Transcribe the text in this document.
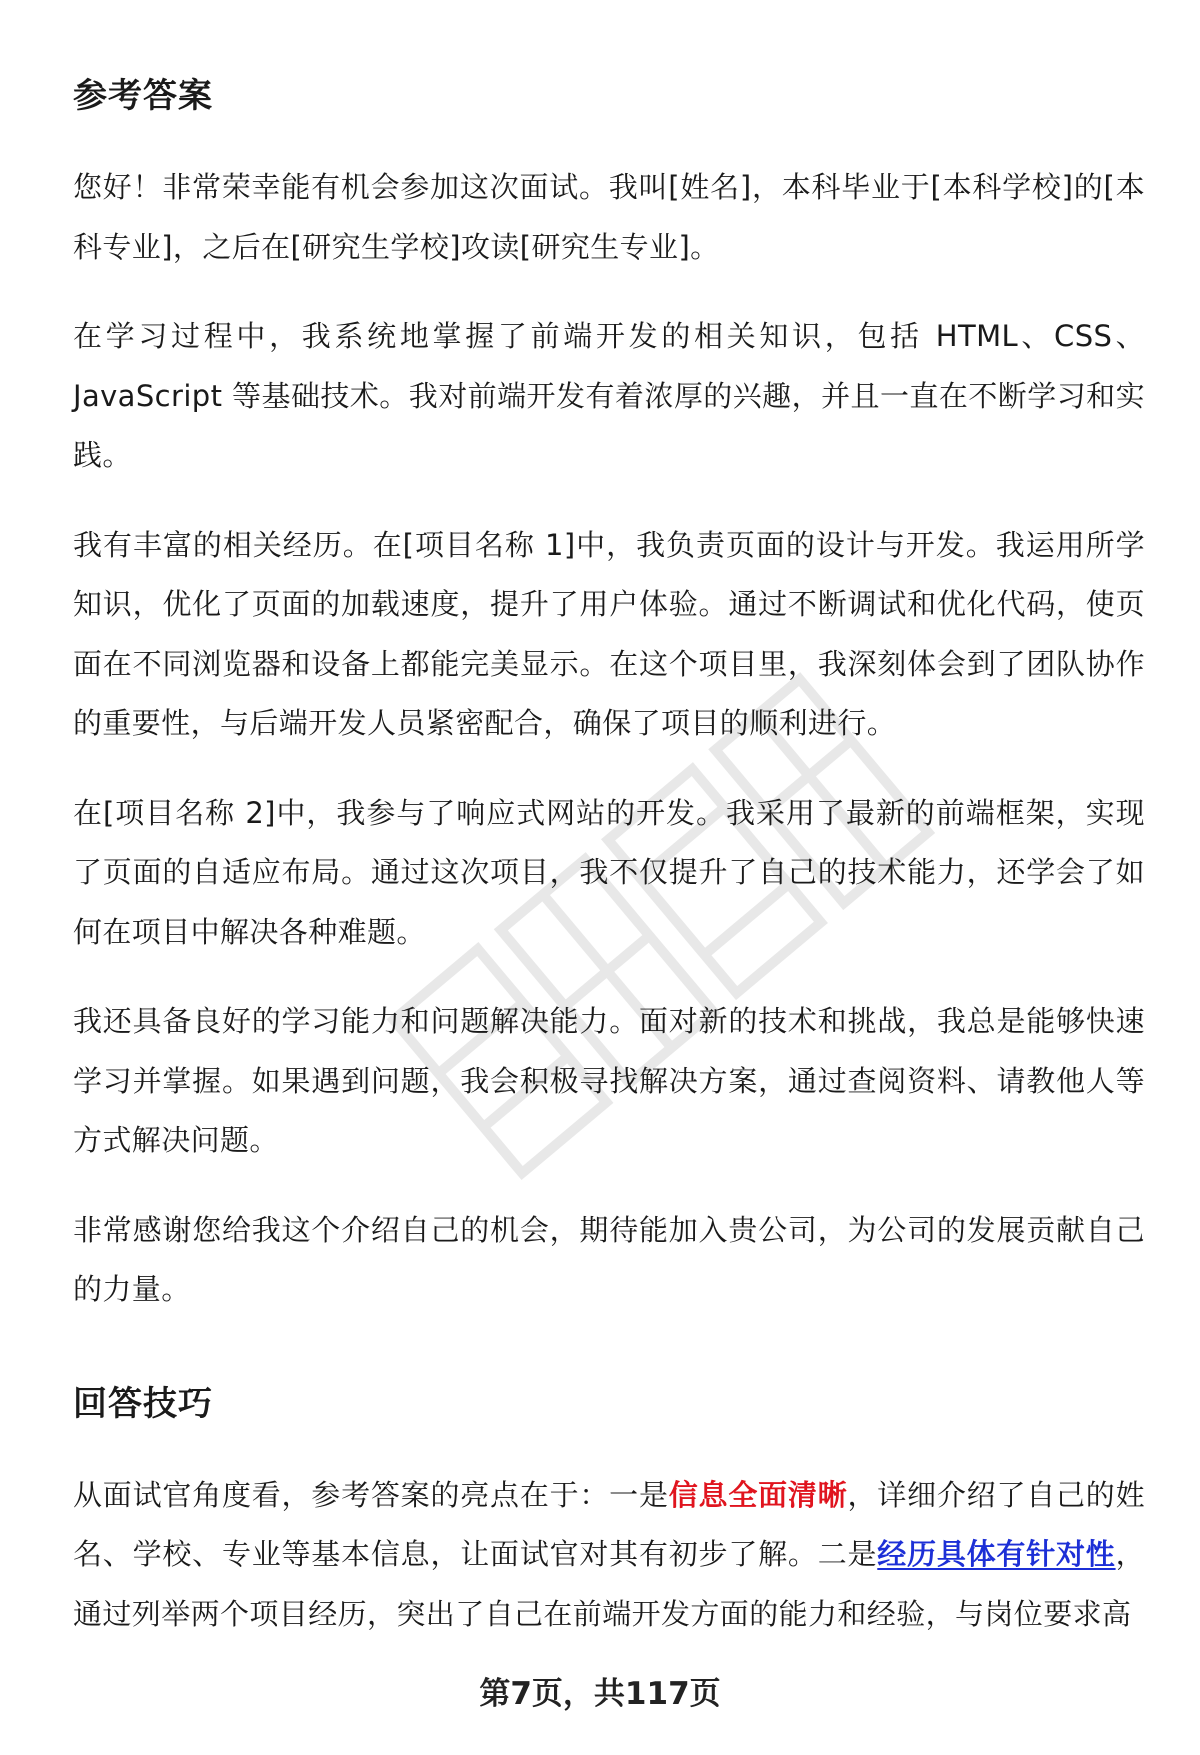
参考答案

您好！非常荣幸能有机会参加这次面试。我叫[姓名]，本科毕业于[本科学校]的[本科专业]，之后在[研究生学校]攻读[研究生专业]。

在学习过程中，我系统地掌握了前端开发的相关知识，包括 HTML、CSS、JavaScript 等基础技术。我对前端开发有着浓厚的兴趣，并且一直在不断学习和实践。

我有丰富的相关经历。在[项目名称 1]中，我负责页面的设计与开发。我运用所学知识，优化了页面的加载速度，提升了用户体验。通过不断调试和优化代码，使页面在不同浏览器和设备上都能完美显示。在这个项目里，我深刻体会到了团队协作的重要性，与后端开发人员紧密配合，确保了项目的顺利进行。

在[项目名称 2]中，我参与了响应式网站的开发。我采用了最新的前端框架，实现了页面的自适应布局。通过这次项目，我不仅提升了自己的技术能力，还学会了如何在项目中解决各种难题。

我还具备良好的学习能力和问题解决能力。面对新的技术和挑战，我总是能够快速学习并掌握。如果遇到问题，我会积极寻找解决方案，通过查阅资料、请教他人等方式解决问题。

非常感谢您给我这个介绍自己的机会，期待能加入贵公司，为公司的发展贡献自己的力量。

回答技巧

从面试官角度看，参考答案的亮点在于：一是信息全面清晰，详细介绍了自己的姓名、学校、专业等基本信息，让面试官对其有初步了解。二是经历具体有针对性，通过列举两个项目经历，突出了自己在前端开发方面的能力和经验，与岗位要求高

第7页，共117页
